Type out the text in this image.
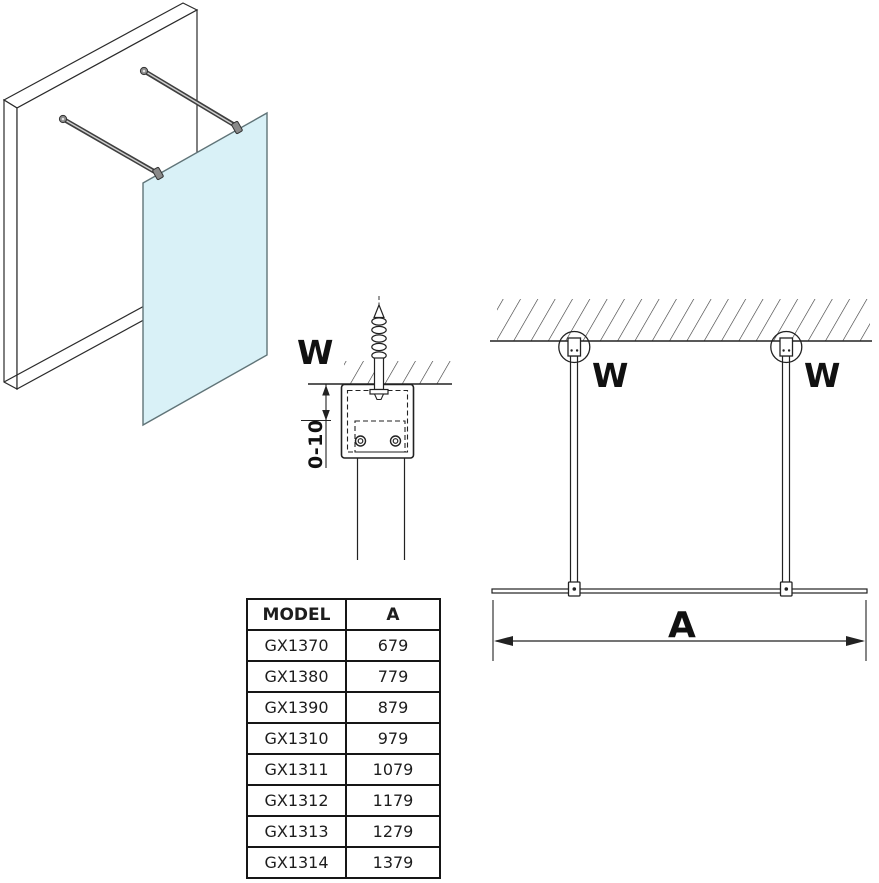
W
0-10
W	W
A
MODEL	A
GX1370	679
GX1380	779
GX1390	879
GX1310	979
GX1311	1079
GX1312	1179
GX1313	1279
GX1314	1379
